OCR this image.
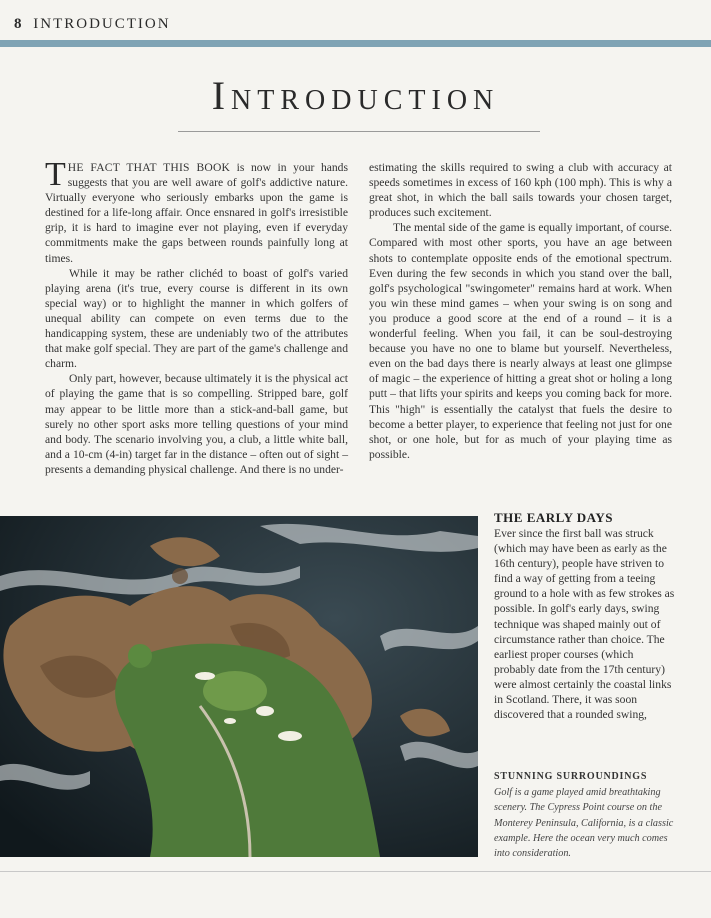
8 INTRODUCTION
Introduction

THE FACT THAT THIS BOOK is now in your hands suggests that you are well aware of golf's addictive nature. Virtually everyone who seriously embarks upon the game is destined for a life-long affair. Once ensnared in golf's irresistible grip, it is hard to imagine ever not playing, even if everyday commitments make the gaps between rounds painfully long at times.

While it may be rather clichéd to boast of golf's varied playing arena (it's true, every course is different in its own special way) or to highlight the manner in which golfers of unequal ability can compete on even terms due to the handicapping system, these are undeniably two of the attributes that make golf special. They are part of the game's challenge and charm.

Only part, however, because ultimately it is the physical act of playing the game that is so compelling. Stripped bare, golf may appear to be little more than a stick-and-ball game, but surely no other sport asks more telling questions of your mind and body. The scenario involving you, a club, a little white ball, and a 10-cm (4-in) target far in the distance – often out of sight – presents a demanding physical challenge. And there is no under-

estimating the skills required to swing a club with accuracy at speeds sometimes in excess of 160 kph (100 mph). This is why a great shot, in which the ball sails towards your chosen target, produces such excitement.

The mental side of the game is equally important, of course. Compared with most other sports, you have an age between shots to contemplate opposite ends of the emotional spectrum. Even during the few seconds in which you stand over the ball, golf's psychological "swingometer" remains hard at work. When you win these mind games – when your swing is on song and you produce a good score at the end of a round – it is a wonderful feeling. When you fail, it can be soul-destroying because you have no one to blame but yourself. Nevertheless, even on the bad days there is nearly always at least one glimpse of magic – the experience of hitting a great shot or holing a long putt – that lifts your spirits and keeps you coming back for more. This "high" is essentially the catalyst that fuels the desire to become a better player, to experience that feeling not just for one shot, or one hole, but for as much of your playing time as possible.

THE EARLY DAYS
Ever since the first ball was struck (which may have been as early as the 16th century), people have striven to find a way of getting from a teeing ground to a hole with as few strokes as possible. In golf's early days, swing technique was shaped mainly out of circumstance rather than choice. The earliest proper courses (which probably date from the 17th century) were almost certainly the coastal links in Scotland. There, it was soon discovered that a rounded swing,
STUNNING SURROUNDINGS
Golf is a game played amid breathtaking scenery. The Cypress Point course on the Monterey Peninsula, California, is a classic example. Here the ocean very much comes into consideration.
